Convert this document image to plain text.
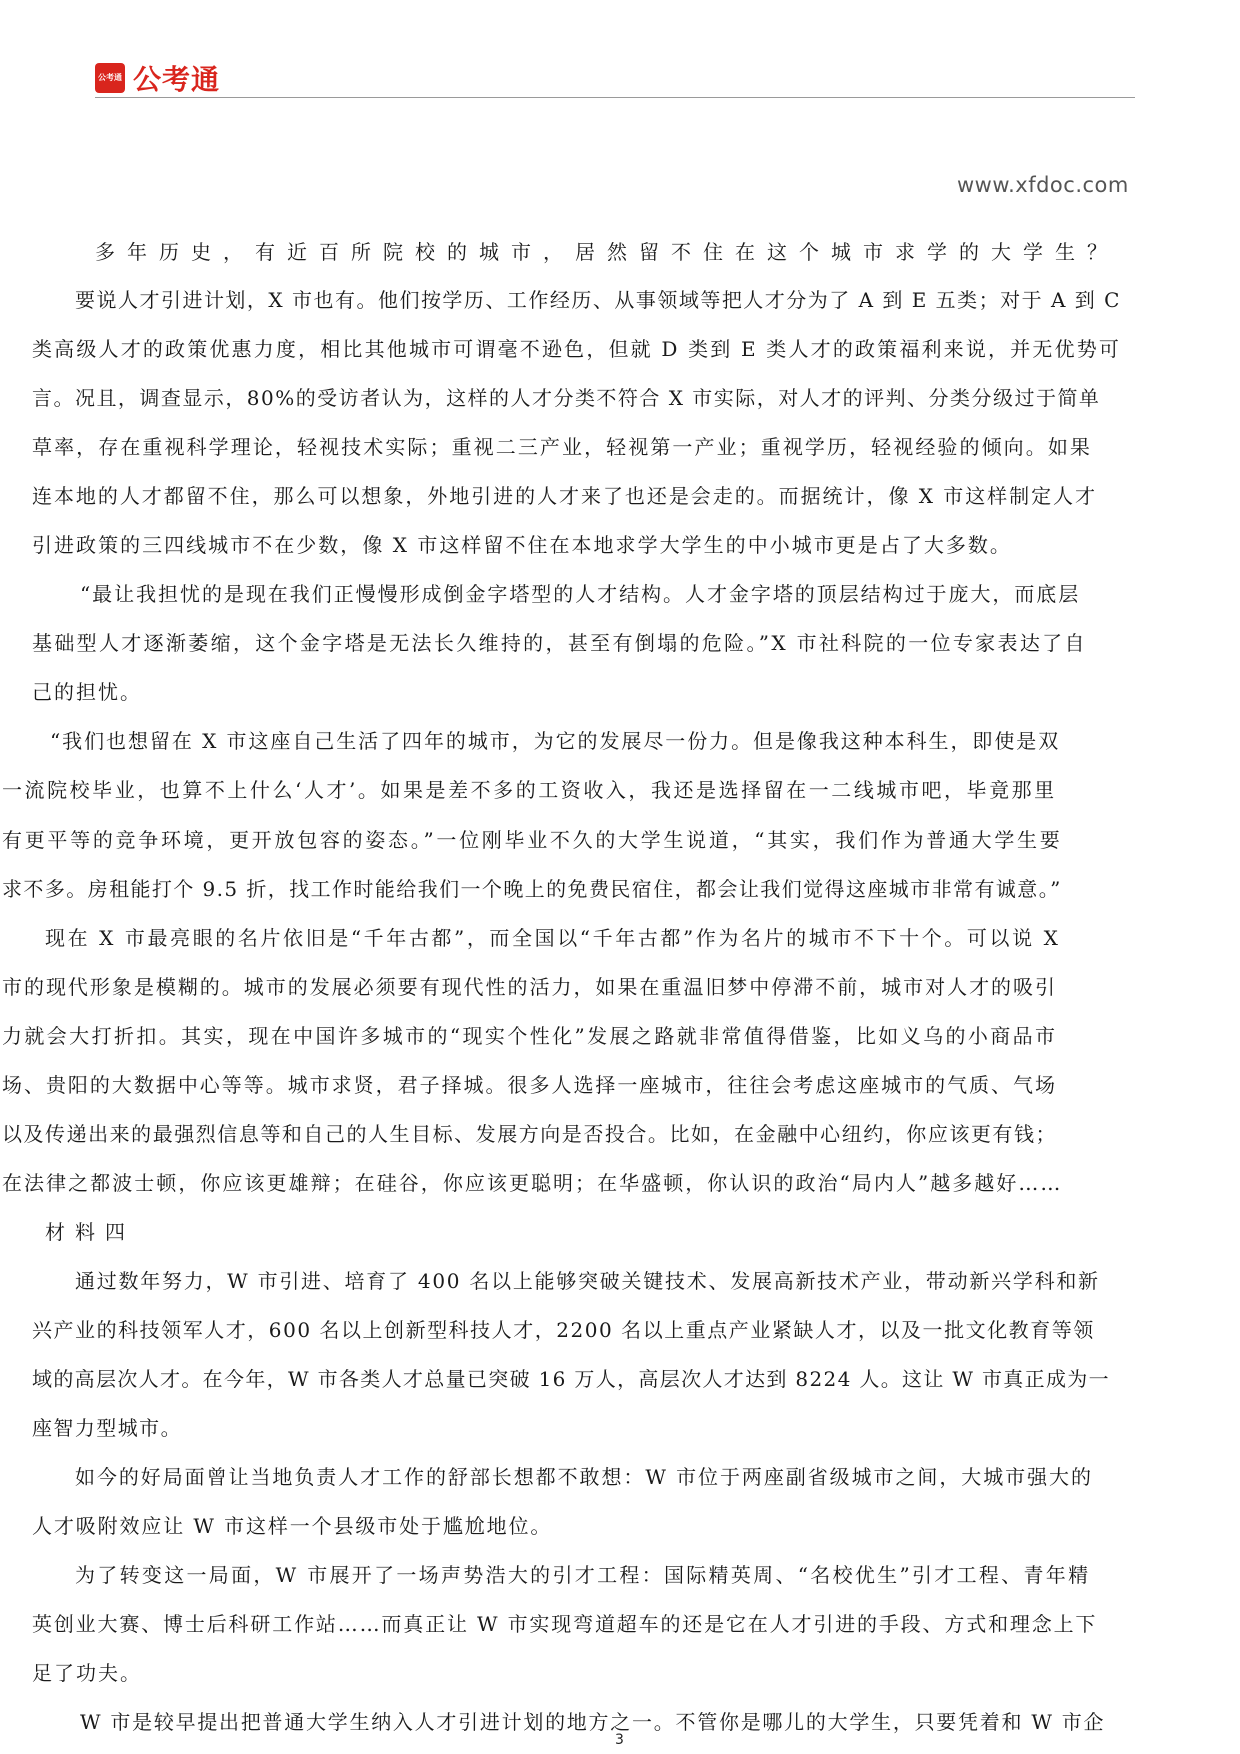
公考通 公考通
www.xfdoc.com
多年历史，有近百所院校的城市，居然留不住在这个城市求学的大学生？
要说人才引进计划，X 市也有。他们按学历、工作经历、从事领域等把人才分为了 A 到 E 五类；对于 A 到 C
类高级人才的政策优惠力度，相比其他城市可谓毫不逊色，但就 D 类到 E 类人才的政策福利来说，并无优势可
言。况且，调查显示，80%的受访者认为，这样的人才分类不符合 X 市实际，对人才的评判、分类分级过于简单
草率，存在重视科学理论，轻视技术实际；重视二三产业，轻视第一产业；重视学历，轻视经验的倾向。如果
连本地的人才都留不住，那么可以想象，外地引进的人才来了也还是会走的。而据统计，像 X 市这样制定人才
引进政策的三四线城市不在少数，像 X 市这样留不住在本地求学大学生的中小城市更是占了大多数。
“最让我担忧的是现在我们正慢慢形成倒金字塔型的人才结构。人才金字塔的顶层结构过于庞大，而底层
基础型人才逐渐萎缩，这个金字塔是无法长久维持的，甚至有倒塌的危险。”X 市社科院的一位专家表达了自
己的担忧。
“我们也想留在 X 市这座自己生活了四年的城市，为它的发展尽一份力。但是像我这种本科生，即使是双
一流院校毕业，也算不上什么‘人才’。如果是差不多的工资收入，我还是选择留在一二线城市吧，毕竟那里
有更平等的竞争环境，更开放包容的姿态。”一位刚毕业不久的大学生说道，“其实，我们作为普通大学生要
求不多。房租能打个 9.5 折，找工作时能给我们一个晚上的免费民宿住，都会让我们觉得这座城市非常有诚意。”
现在 X 市最亮眼的名片依旧是“千年古都”，而全国以“千年古都”作为名片的城市不下十个。可以说 X
市的现代形象是模糊的。城市的发展必须要有现代性的活力，如果在重温旧梦中停滞不前，城市对人才的吸引
力就会大打折扣。其实，现在中国许多城市的“现实个性化”发展之路就非常值得借鉴，比如义乌的小商品市
场、贵阳的大数据中心等等。城市求贤，君子择城。很多人选择一座城市，往往会考虑这座城市的气质、气场
以及传递出来的最强烈信息等和自己的人生目标、发展方向是否投合。比如，在金融中心纽约，你应该更有钱；
在法律之都波士顿，你应该更雄辩；在硅谷，你应该更聪明；在华盛顿，你认识的政治“局内人”越多越好……
材料四
通过数年努力，W 市引进、培育了 400 名以上能够突破关键技术、发展高新技术产业，带动新兴学科和新
兴产业的科技领军人才，600 名以上创新型科技人才，2200 名以上重点产业紧缺人才，以及一批文化教育等领
域的高层次人才。在今年，W 市各类人才总量已突破 16 万人，高层次人才达到 8224 人。这让 W 市真正成为一
座智力型城市。
如今的好局面曾让当地负责人才工作的舒部长想都不敢想：W 市位于两座副省级城市之间，大城市强大的
人才吸附效应让 W 市这样一个县级市处于尴尬地位。
为了转变这一局面，W 市展开了一场声势浩大的引才工程：国际精英周、“名校优生”引才工程、青年精
英创业大赛、博士后科研工作站……而真正让 W 市实现弯道超车的还是它在人才引进的手段、方式和理念上下
足了功夫。
W 市是较早提出把普通大学生纳入人才引进计划的地方之一。不管你是哪儿的大学生，只要凭着和 W 市企
3
